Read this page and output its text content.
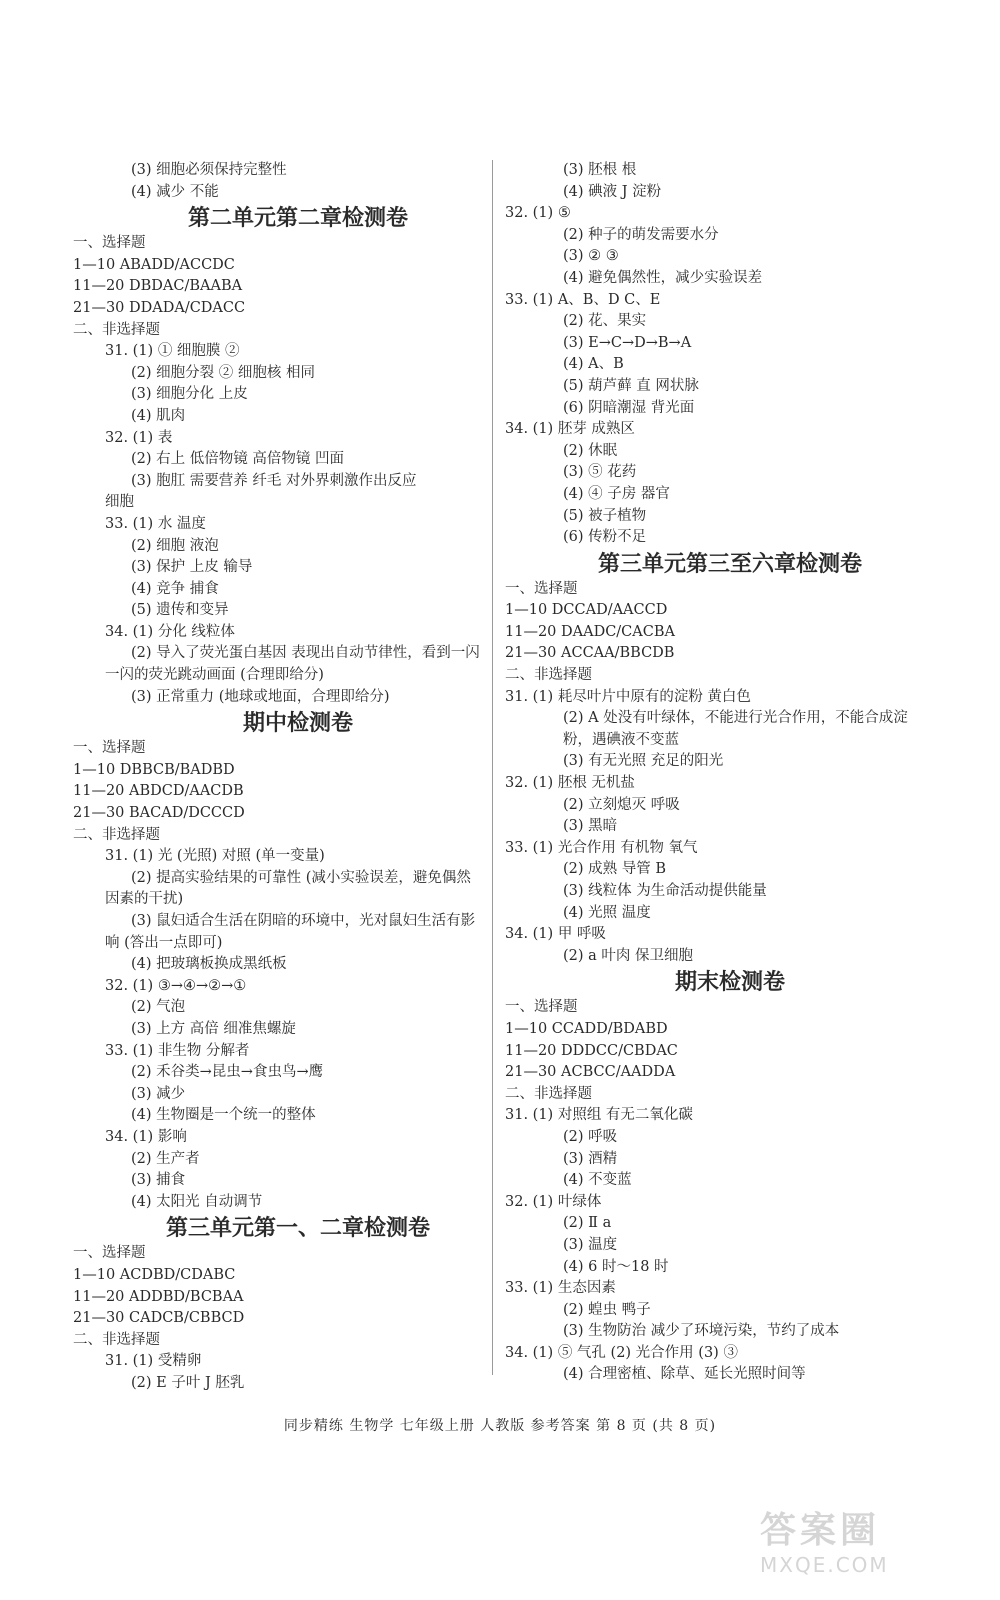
(3) 细胞必须保持完整性
(4) 减少 不能
第二单元第二章检测卷
一、选择题
1—10 ABADD/ACCDC
11—20 DBDAC/BAABA
21—30 DDADA/CDACC
二、非选择题
31. (1) ① 细胞膜 ②
(2) 细胞分裂 ② 细胞核 相同
(3) 细胞分化 上皮
(4) 肌肉
32. (1) 表
(2) 右上 低倍物镜 高倍物镜 凹面
(3) 胞肛 需要营养 纤毛 对外界刺激作出反应
细胞
33. (1) 水 温度
(2) 细胞 液泡
(3) 保护 上皮 输导
(4) 竞争 捕食
(5) 遗传和变异
34. (1) 分化 线粒体
(2) 导入了荧光蛋白基因 表现出自动节律性，看到一闪
一闪的荧光跳动画面 (合理即给分)
(3) 正常重力 (地球或地面，合理即给分)
期中检测卷
一、选择题
1—10 DBBCB/BADBD
11—20 ABDCD/AACDB
21—30 BACAD/DCCCD
二、非选择题
31. (1) 光 (光照) 对照 (单一变量)
(2) 提高实验结果的可靠性 (减小实验误差，避免偶然
因素的干扰)
(3) 鼠妇适合生活在阴暗的环境中，光对鼠妇生活有影
响 (答出一点即可)
(4) 把玻璃板换成黑纸板
32. (1) ③→④→②→①
(2) 气泡
(3) 上方 高倍 细准焦螺旋
33. (1) 非生物 分解者
(2) 禾谷类→昆虫→食虫鸟→鹰
(3) 减少
(4) 生物圈是一个统一的整体
34. (1) 影响
(2) 生产者
(3) 捕食
(4) 太阳光 自动调节
第三单元第一、二章检测卷
一、选择题
1—10 ACDBD/CDABC
11—20 ADDBD/BCBAA
21—30 CADCB/CBBCD
二、非选择题
31. (1) 受精卵
(2) E 子叶 J 胚乳
(3) 胚根 根
(4) 碘液 J 淀粉
32. (1) ⑤
(2) 种子的萌发需要水分
(3) ② ③
(4) 避免偶然性，减少实验误差
33. (1) A、B、D C、E
(2) 花、果实
(3) E→C→D→B→A
(4) A、B
(5) 葫芦藓 直 网状脉
(6) 阴暗潮湿 背光面
34. (1) 胚芽 成熟区
(2) 休眠
(3) ⑤ 花药
(4) ④ 子房 器官
(5) 被子植物
(6) 传粉不足
第三单元第三至六章检测卷
一、选择题
1—10 DCCAD/AACCD
11—20 DAADC/CACBA
21—30 ACCAA/BBCDB
二、非选择题
31. (1) 耗尽叶片中原有的淀粉 黄白色
(2) A 处没有叶绿体，不能进行光合作用，不能合成淀
粉，遇碘液不变蓝
(3) 有无光照 充足的阳光
32. (1) 胚根 无机盐
(2) 立刻熄灭 呼吸
(3) 黑暗
33. (1) 光合作用 有机物 氧气
(2) 成熟 导管 B
(3) 线粒体 为生命活动提供能量
(4) 光照 温度
34. (1) 甲 呼吸
(2) a 叶肉 保卫细胞
期末检测卷
一、选择题
1—10 CCADD/BDABD
11—20 DDDCC/CBDAC
21—30 ACBCC/AADDA
二、非选择题
31. (1) 对照组 有无二氧化碳
(2) 呼吸
(3) 酒精
(4) 不变蓝
32. (1) 叶绿体
(2) Ⅱ a
(3) 温度
(4) 6 时～18 时
33. (1) 生态因素
(2) 蝗虫 鸭子
(3) 生物防治 减少了环境污染，节约了成本
34. (1) ⑤ 气孔 (2) 光合作用 (3) ③
(4) 合理密植、除草、延长光照时间等
同步精练 生物学 七年级上册 人教版 参考答案 第 8 页 (共 8 页)
答案圈
MXQE.COM
